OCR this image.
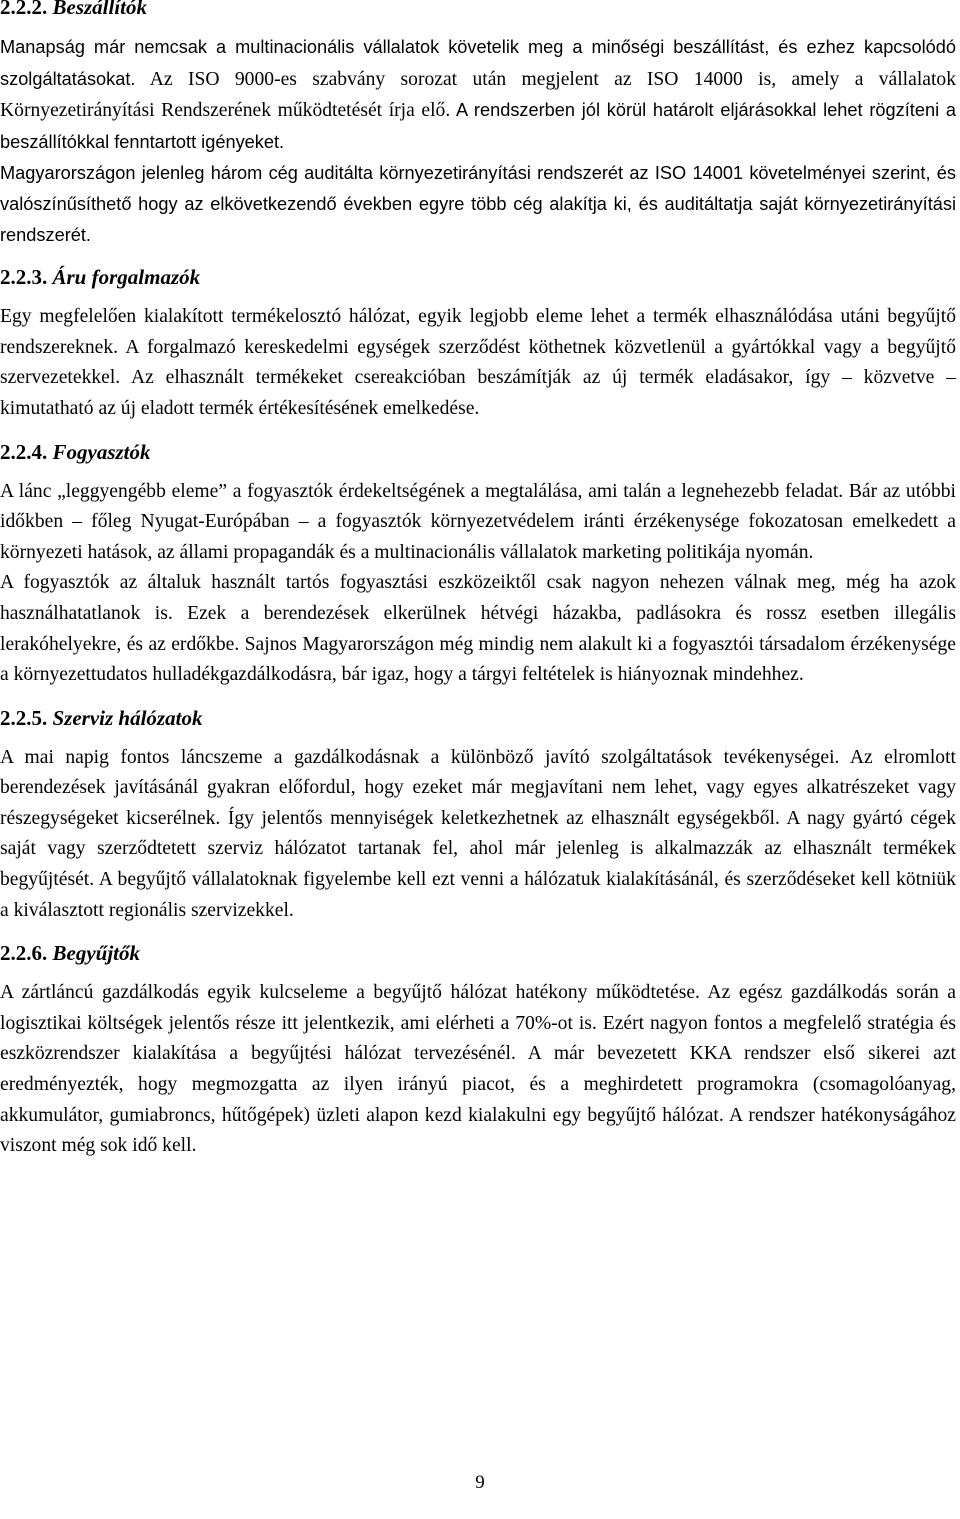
2.2.2. Beszállítók

Manapság már nemcsak a multinacionális vállalatok követelik meg a minőségi beszállítást, és ezhez kapcsolódó szolgáltatásokat. Az ISO 9000-es szabvány sorozat után megjelent az ISO 14000 is, amely a vállalatok Környezetirányítási Rendszerének működtetését írja elő. A rendszerben jól körül határolt eljárásokkal lehet rögzíteni a beszállítókkal fenntartott igényeket.

Magyarországon jelenleg három cég auditálta környezetirányítási rendszerét az ISO 14001 követelményei szerint, és valószínűsíthető hogy az elkövetkezendő években egyre több cég alakítja ki, és auditáltatja saját környezetirányítási rendszerét.

2.2.3. Áru forgalmazók

Egy megfelelően kialakított termékelosztó hálózat, egyik legjobb eleme lehet a termék elhasználódása utáni begyűjtő rendszereknek. A forgalmazó kereskedelmi egységek szerződést köthetnek közvetlenül a gyártókkal vagy a begyűjtő szervezetekkel. Az elhasznált termékeket csereakcióban beszámítják az új termék eladásakor, így – közvetve – kimutatható az új eladott termék értékesítésének emelkedése.

2.2.4. Fogyasztók

A lánc „leggyengébb eleme” a fogyasztók érdekeltségének a megtalálása, ami talán a legnehezebb feladat. Bár az utóbbi időkben – főleg Nyugat-Európában – a fogyasztók környezetvédelem iránti érzékenysége fokozatosan emelkedett a környezeti hatások, az állami propagandák és a multinacionális vállalatok marketing politikája nyomán.

A fogyasztók az általuk használt tartós fogyasztási eszközeiktől csak nagyon nehezen válnak meg, még ha azok használhatatlanok is. Ezek a berendezések elkerülnek hétvégi házakba, padlásokra és rossz esetben illegális lerakóhelyekre, és az erdőkbe. Sajnos Magyarországon még mindig nem alakult ki a fogyasztói társadalom érzékenysége a környezettudatos hulladékgazdálkodásra, bár igaz, hogy a tárgyi feltételek is hiányoznak mindehhez.

2.2.5. Szerviz hálózatok

A mai napig fontos láncszeme a gazdálkodásnak a különböző javító szolgáltatások tevékenységei. Az elromlott berendezések javításánál gyakran előfordul, hogy ezeket már megjavítani nem lehet, vagy egyes alkatrészeket vagy részegységeket kicserélnek. Így jelentős mennyiségek keletkezhetnek az elhasznált egységekből. A nagy gyártó cégek saját vagy szerződtetett szerviz hálózatot tartanak fel, ahol már jelenleg is alkalmazzák az elhasznált termékek begyűjtését. A begyűjtő vállalatoknak figyelembe kell ezt venni a hálózatuk kialakításánál, és szerződéseket kell kötniük a kiválasztott regionális szervizekkel.

2.2.6. Begyűjtők

A zártláncú gazdálkodás egyik kulcseleme a begyűjtő hálózat hatékony működtetése. Az egész gazdálkodás során a logisztikai költségek jelentős része itt jelentkezik, ami elérheti a 70%-ot is. Ezért nagyon fontos a megfelelő stratégia és eszközrendszer kialakítása a begyűjtési hálózat tervezésénél. A már bevezetett KKA rendszer első sikerei azt eredményezték, hogy megmozgatta az ilyen irányú piacot, és a meghirdetett programokra (csomagolóanyag, akkumulátor, gumiabroncs, hűtőgépek) üzleti alapon kezd kialakulni egy begyűjtő hálózat. A rendszer hatékonyságához viszont még sok idő kell.

9
